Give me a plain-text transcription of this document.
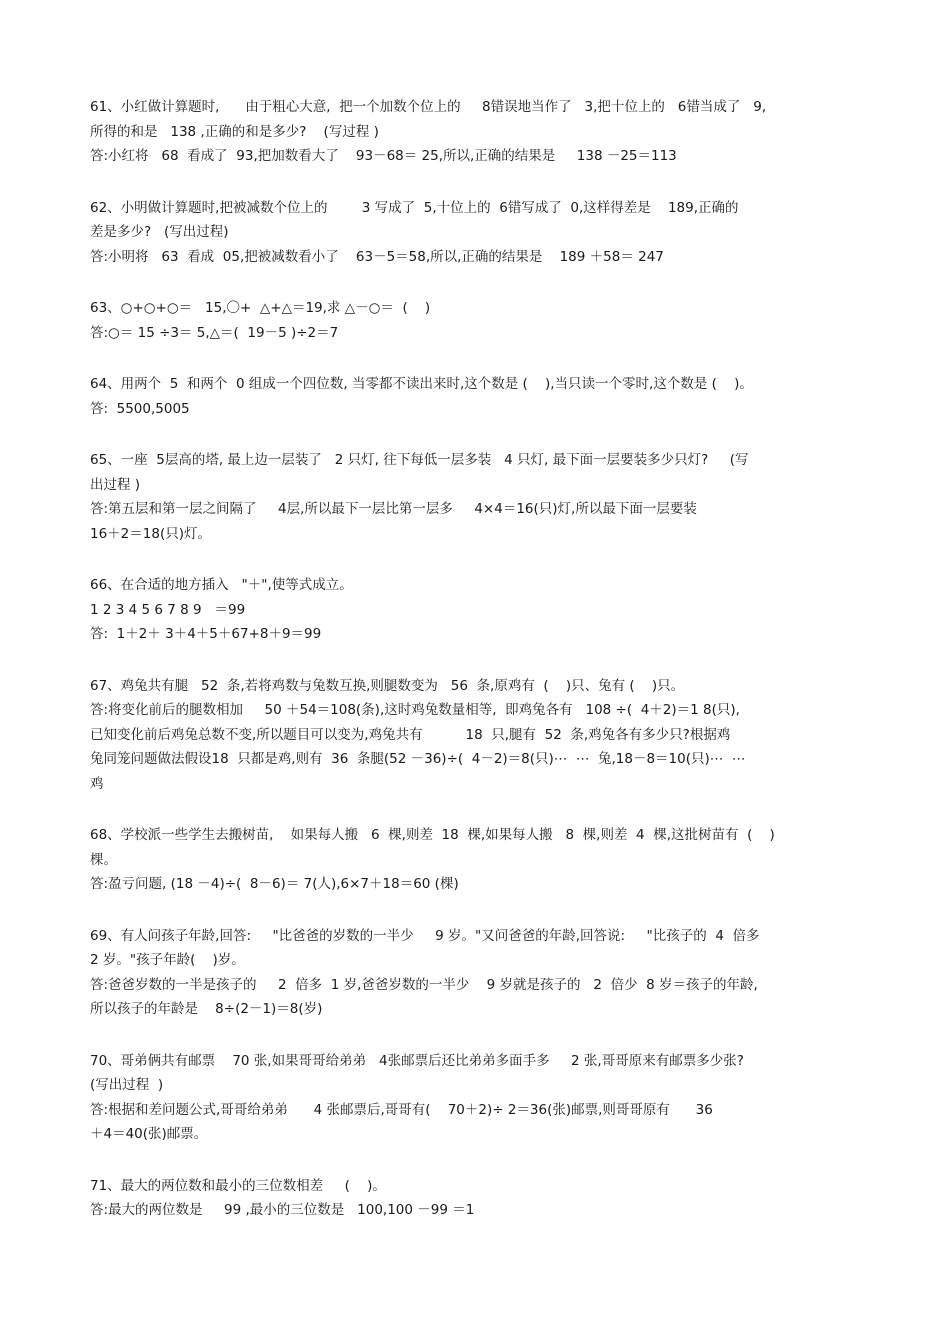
61、小红做计算题时,      由于粗心大意,  把一个加数个位上的     8错误地当作了   3,把十位上的   6错当成了   9,
所得的和是   138 ,正确的和是多少?    (写过程 )
答:小红将   68  看成了  93,把加数看大了    93－68＝ 25,所以,正确的结果是     138 －25＝113
62、小明做计算题时,把被减数个位上的        3 写成了  5,十位上的  6错写成了  0,这样得差是    189,正确的
差是多少?   (写出过程)
答:小明将   63  看成  05,把被减数看小了    63－5＝58,所以,正确的结果是    189 ＋58＝ 247
63、○+○+○＝   15,〇+  △+△＝19,求 △－○＝  (    )
答:○＝ 15 ÷3＝ 5,△＝(  19－5 )÷2＝7
64、用两个  5  和两个  0 组成一个四位数, 当零都不读出来时,这个数是 (    ),当只读一个零时,这个数是 (    )。
答:  5500,5005
65、一座  5层高的塔, 最上边一层装了   2 只灯, 往下每低一层多装   4 只灯, 最下面一层要装多少只灯?     (写
出过程 )
答:第五层和第一层之间隔了     4层,所以最下一层比第一层多     4×4＝16(只)灯,所以最下面一层要装
16＋2＝18(只)灯。
66、在合适的地方插入   "＋",使等式成立。
1 2 3 4 5 6 7 8 9   ＝99
答:  1＋2＋ 3＋4＋5＋67+8＋9＝99
67、鸡兔共有腿   52  条,若将鸡数与兔数互换,则腿数变为   56  条,原鸡有  (    )只、兔有 (    )只。
答:将变化前后的腿数相加     50 ＋54＝108(条),这时鸡兔数量相等,  即鸡兔各有   108 ÷(  4＋2)＝1 8(只),
已知变化前后鸡兔总数不变,所以题目可以变为,鸡兔共有          18  只,腿有  52  条,鸡兔各有多少只?根据鸡
兔同笼问题做法假设18  只都是鸡,则有  36  条腿(52 －36)÷(  4－2)＝8(只)⋯  ⋯  兔,18－8＝10(只)⋯  ⋯
鸡
68、学校派一些学生去搬树苗,    如果每人搬   6  棵,则差  18  棵,如果每人搬   8  棵,则差  4  棵,这批树苗有  (    )
棵。
答:盈亏问题, (18 －4)÷(  8－6)＝ 7(人),6×7＋18＝60 (棵)
69、有人问孩子年龄,回答:     "比爸爸的岁数的一半少     9 岁。"又问爸爸的年龄,回答说:     "比孩子的  4  倍多
2 岁。"孩子年龄(    )岁。
答:爸爸岁数的一半是孩子的     2  倍多  1 岁,爸爸岁数的一半少    9 岁就是孩子的   2  倍少  8 岁＝孩子的年龄,
所以孩子的年龄是    8÷(2－1)＝8(岁)
70、哥弟俩共有邮票    70 张,如果哥哥给弟弟   4张邮票后还比弟弟多面手多     2 张,哥哥原来有邮票多少张?
(写出过程  )
答:根据和差问题公式,哥哥给弟弟      4 张邮票后,哥哥有(    70＋2)÷ 2＝36(张)邮票,则哥哥原有      36
＋4＝40(张)邮票。
71、最大的两位数和最小的三位数相差     (    )。
答:最大的两位数是     99 ,最小的三位数是   100,100 －99 ＝1
